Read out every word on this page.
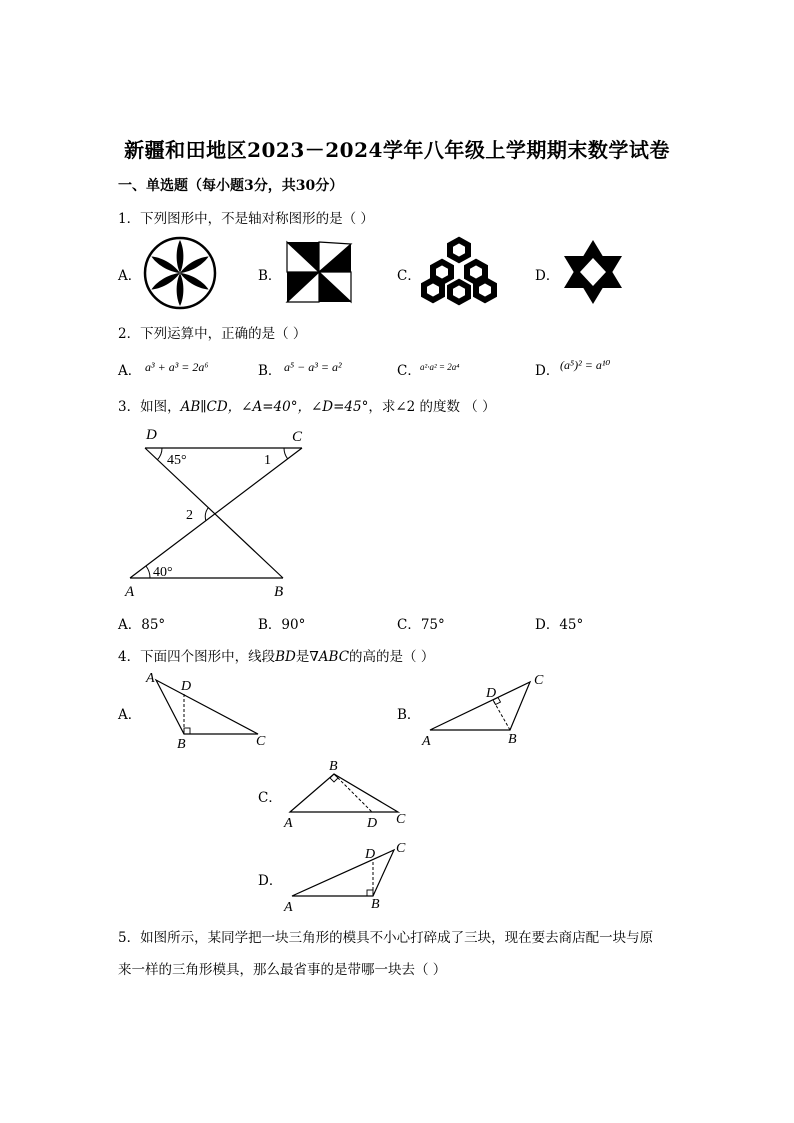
新疆和田地区2023－2024学年八年级上学期期末数学试卷
一、单选题（每小题3分，共30分）
1．下列图形中，不是轴对称图形的是（ ）
A．	B．	C．	D．
2．下列运算中，正确的是（ ）
A． a³ + a³ = 2a⁶	B． a⁵ − a³ = a²	C． a²·a² = 2a⁴	D． (a⁵)² = a¹⁰
3．如图，AB∥CD，∠A=40°，∠D=45°，求∠2 的度数 （ ）
D	C
A	B
45°	1
2
40°
A．85°	B．90°	C．75°	D．45°
4．下面四个图形中，线段BD是∇ABC的高的是（ ）
A．
A
D
B	C
B．
A
D
B
C
C．
A
B
D C
D．
A
D
B
C
5．如图所示，某同学把一块三角形的模具不小心打碎成了三块，现在要去商店配一块与原
来一样的三角形模具，那么最省事的是带哪一块去（ ）
